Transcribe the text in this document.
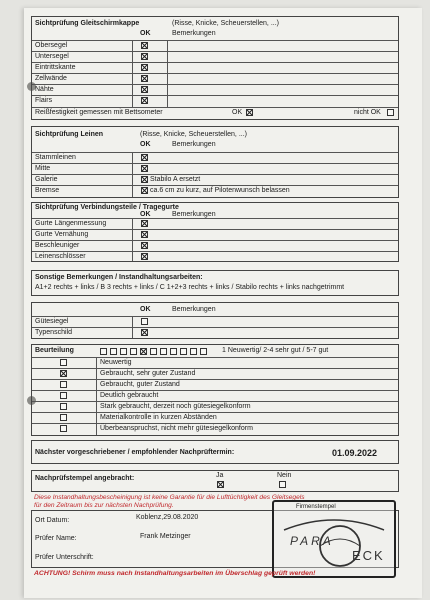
Sichtprüfung Gleitschirmkappe	(Risse, Knicke, Scheuerstellen, ...)
OK	Bemerkungen
Obersegel
Untersegel
Eintrittskante
Zellwände
Nähte
Flairs
Reißfestigkeit gemessen mit Bettsometer	OK	nicht OK
Sichtprüfung Leinen	(Risse, Knicke, Scheuerstellen, ...)
OK	Bemerkungen
Stammleinen
Mitte
Galerie	Stabilo A ersetzt
Bremse	ca.6 cm zu kurz, auf Pilotenwunsch belassen
Sichtprüfung Verbindungsteile / Tragegurte
OK	Bemerkungen
Gurte Längenmessung
Gurte Vernähung
Beschleuniger
Leinenschlösser
Sonstige Bemerkungen / Instandhaltungsarbeiten:
A1+2 rechts + links / B 3 rechts + links / C 1+2+3 rechts + links / Stabilo rechts + links nachgetrimmt
OK	Bemerkungen
Gütesiegel
Typenschild
Beurteilung	1 Neuwertig/ 2-4 sehr gut / 5-7 gut
Neuwertig
Gebraucht, sehr guter Zustand
Gebraucht, guter Zustand
Deutlich gebraucht
Stark gebraucht, derzeit noch gütesiegelkonform
Materialkontrolle in kurzen Abständen
Überbeanspruchst, nicht mehr gütesiegelkonform
Nächster vorgeschriebener / empfohlender Nachprüftermin:	01.09.2022
Nachprüfstempel angebracht:	Ja	Nein
Diese Instandhaltungsbescheinigung ist keine Garantie für die Lufttüchtigkeit des Gleitsegels
für den Zeitraum bis zur nächsten Nachprüfung.
Ort Datum:	Koblenz,29.08.2020
Prüfer Name:	Frank Metzinger
Prüfer Unterschrift:
Firmenstempel
PARA
ECK
ACHTUNG! Schirm muss nach Instandhaltungsarbeiten im Überschlag geprüft werden!
